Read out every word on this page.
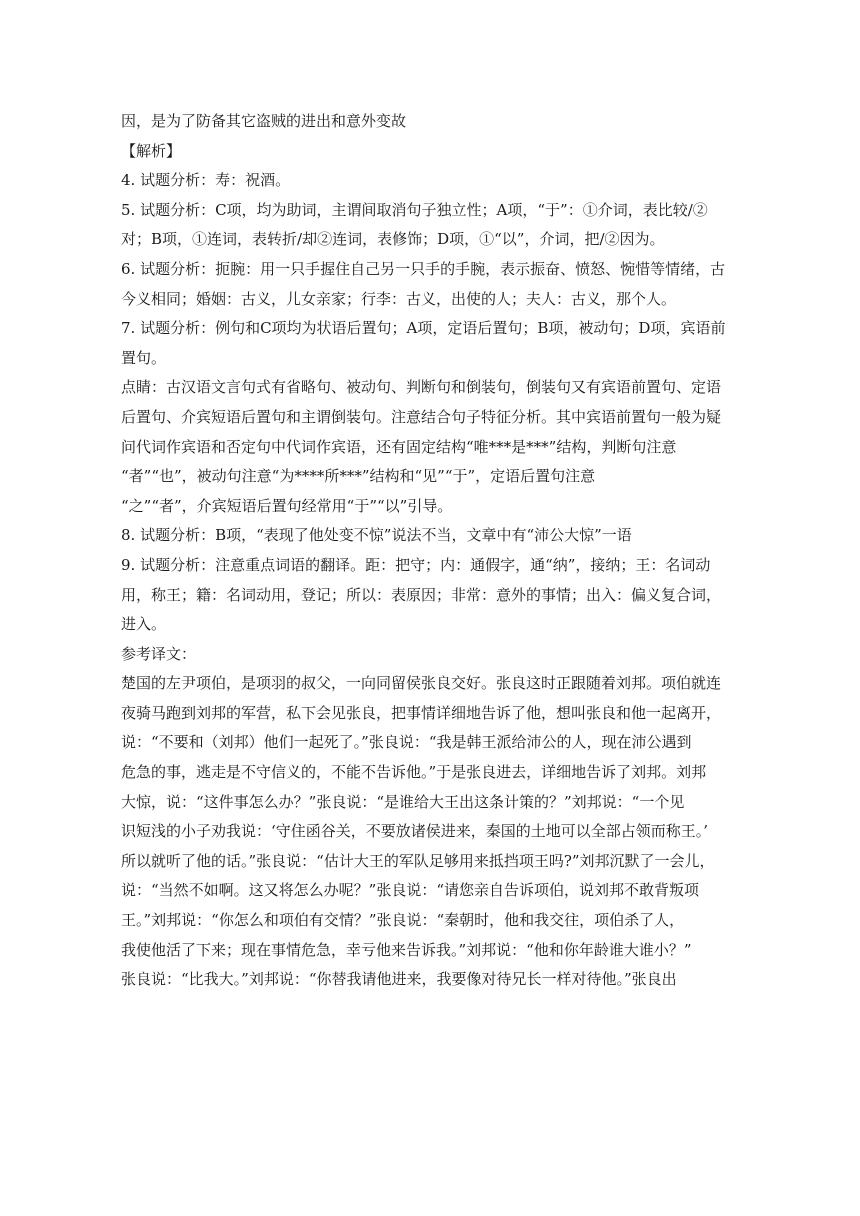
因，是为了防备其它盗贼的进出和意外变故
【解析】
4. 试题分析：寿：祝酒。
5. 试题分析：C项，均为助词，主谓间取消句子独立性；A项，“于”：①介词，表比较/②
对；B项，①连词，表转折/却②连词，表修饰；D项，①“以”，介词，把/②因为。
6. 试题分析：扼腕：用一只手握住自己另一只手的手腕，表示振奋、愤怒、惋惜等情绪，古
今义相同；婚姻：古义，儿女亲家；行李：古义，出使的人；夫人：古义，那个人。
7. 试题分析：例句和C项均为状语后置句；A项，定语后置句；B项，被动句；D项，宾语前
置句。
点睛：古汉语文言句式有省略句、被动句、判断句和倒装句，倒装句又有宾语前置句、定语
后置句、介宾短语后置句和主谓倒装句。注意结合句子特征分析。其中宾语前置句一般为疑
问代词作宾语和否定句中代词作宾语，还有固定结构“唯***是***”结构，判断句注意
“者”“也”，被动句注意“为****所***”结构和“见”“于”，定语后置句注意
“之”“者”，介宾短语后置句经常用“于”“以”引导。
8. 试题分析：B项，“表现了他处变不惊”说法不当，文章中有“沛公大惊”一语
9. 试题分析：注意重点词语的翻译。距：把守；内：通假字，通“纳”，接纳；王：名词动
用，称王；籍：名词动用，登记；所以：表原因；非常：意外的事情；出入：偏义复合词，
进入。
参考译文：
楚国的左尹项伯，是项羽的叔父，一向同留侯张良交好。张良这时正跟随着刘邦。项伯就连
夜骑马跑到刘邦的军营，私下会见张良，把事情详细地告诉了他，想叫张良和他一起离开，
说：“不要和（刘邦）他们一起死了。”张良说：“我是韩王派给沛公的人，现在沛公遇到
危急的事，逃走是不守信义的，不能不告诉他。”于是张良进去，详细地告诉了刘邦。刘邦
大惊，说：“这件事怎么办？”张良说：“是谁给大王出这条计策的？”刘邦说：“一个见
识短浅的小子劝我说：‘守住函谷关，不要放诸侯进来，秦国的土地可以全部占领而称王。’
所以就听了他的话。”张良说：“估计大王的军队足够用来抵挡项王吗?”刘邦沉默了一会儿，
说：“当然不如啊。这又将怎么办呢？”张良说：“请您亲自告诉项伯，说刘邦不敢背叛项
王。”刘邦说：“你怎么和项伯有交情？”张良说：“秦朝时，他和我交往，项伯杀了人，
我使他活了下来；现在事情危急，幸亏他来告诉我。”刘邦说：“他和你年龄谁大谁小？”
张良说：“比我大。”刘邦说：“你替我请他进来，我要像对待兄长一样对待他。”张良出
